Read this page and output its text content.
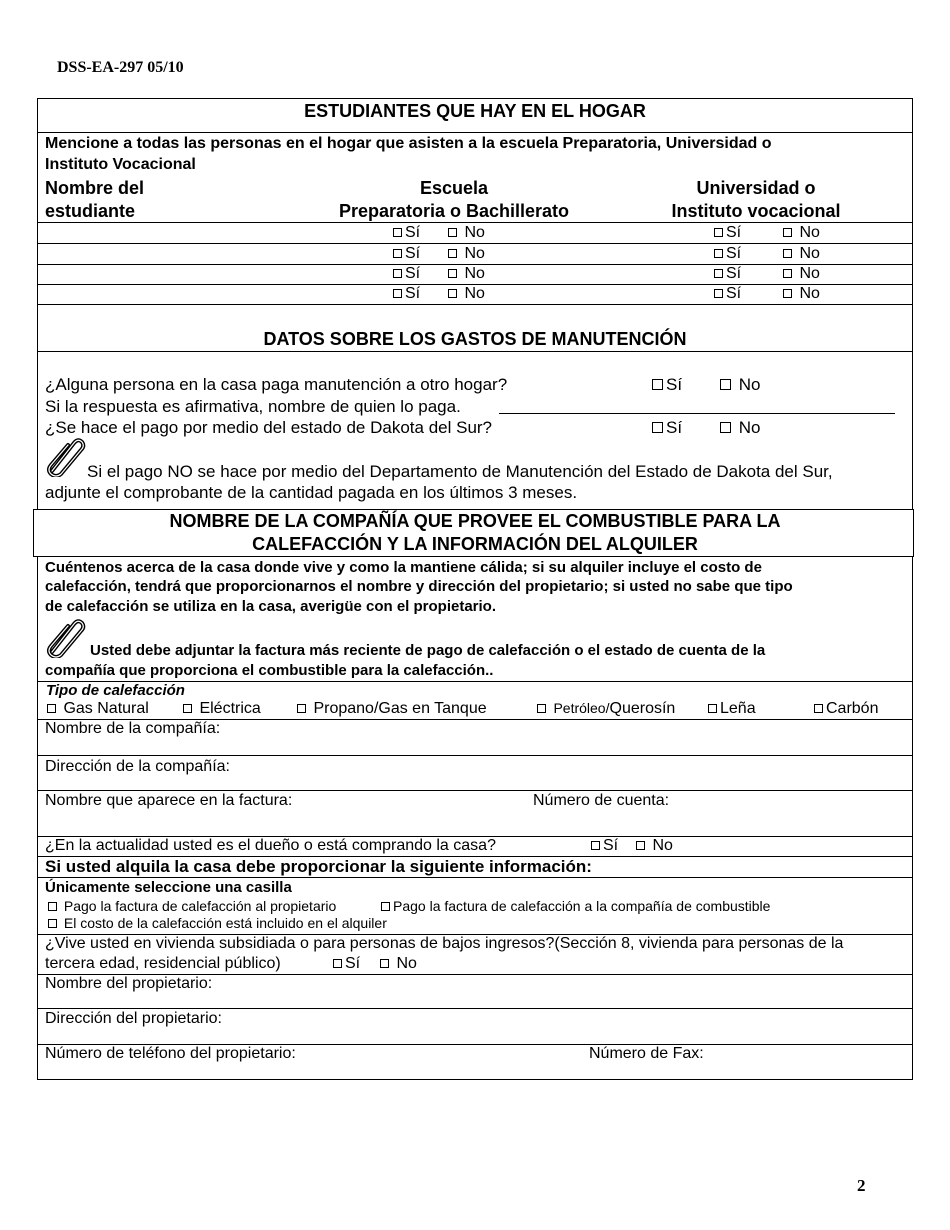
DSS-EA-297 05/10
ESTUDIANTES QUE HAY EN EL HOGAR
Mencione a todas las personas en el hogar que asisten a la escuela Preparatoria, Universidad o
Instituto Vocacional
Nombre del
estudiante
Escuela
Preparatoria o Bachillerato
Universidad o
Instituto vocacional
Sí	No	Sí	No
Sí	No	Sí	No
Sí	No	Sí	No
Sí	No	Sí	No
DATOS SOBRE LOS GASTOS DE MANUTENCIÓN
¿Alguna persona en la casa paga manutención a otro hogar?	Sí	No
Si la respuesta es afirmativa, nombre de quien lo paga.
¿Se hace el pago por medio del estado de Dakota del Sur?	Sí	No
Si el pago NO se hace por medio del Departamento de Manutención del Estado de Dakota del Sur,
adjunte el comprobante de la cantidad pagada en los últimos 3 meses.
NOMBRE DE LA COMPAÑÍA QUE PROVEE EL COMBUSTIBLE PARA LA
CALEFACCIÓN Y LA INFORMACIÓN DEL ALQUILER
Cuéntenos acerca de la casa donde vive y como la mantiene cálida; si su alquiler incluye el costo de
calefacción, tendrá que proporcionarnos el nombre y dirección del propietario; si usted no sabe que tipo
de calefacción se utiliza en la casa, averigüe con el propietario.
Usted debe adjuntar la factura más reciente de pago de calefacción o el estado de cuenta de la
compañía que proporciona el combustible para la calefacción..
Tipo de calefacción
Gas Natural	Eléctrica	Propano/Gas en Tanque	Petróleo/Querosín	Leña	Carbón
Nombre de la compañía:
Dirección de la compañía:
Nombre que aparece en la factura:	Número de cuenta:
¿En la actualidad usted es el dueño o está comprando la casa?	Sí	No
Si usted alquila la casa debe proporcionar la siguiente información:
Únicamente seleccione una casilla
Pago la factura de calefacción al propietario	Pago la factura de calefacción a la compañía de combustible
El costo de la calefacción está incluido en el alquiler
¿Vive usted en vivienda subsidiada o para personas de bajos ingresos?(Sección 8, vivienda para personas de la
tercera edad, residencial público)	Sí	No
Nombre del propietario:
Dirección del propietario:
Número de teléfono del propietario:	Número de Fax:
2
